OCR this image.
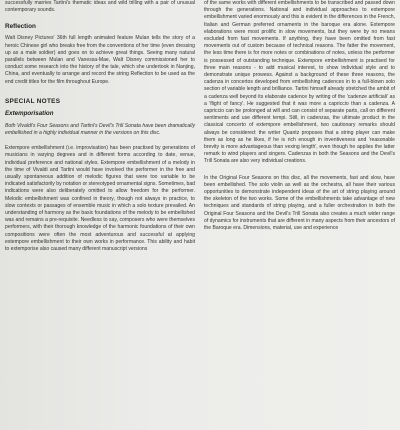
successfully marries Tartini's thematic ideas and wild trilling with a pair of unusual contemporary sounds.

Reflection

Walt Disney Pictures' 36th full length animated feature Mulan tells the story of a heroic Chinese girl who breaks free from the conventions of her time (even dressing up as a male soldier) and goes on to achieve great things. Seeing many natural parallels between Mulan and Vanessa-Mae, Walt Disney commissioned her to conduct some research into the history of the tale, which she undertook in Nanjing, China, and eventually to arrange and record the string Reflection to be used as the end credit titles for the film throughout Europe.

SPECIAL NOTES
Extemporisation

Both Vivaldi's Four Seasons and Tartini's Devil's Trill Sonata have been dramatically embellished in a highly individual manner in the versions on this disc.

Extempore embellishment (i.e. improvisation) has been practised by generations of musicians in varying degrees and in different forms according to date, venue, individual preference and national styles. Extempore embellishment of a melody in the time of Vivaldi and Tartini would have involved the performer in the free and usually spontaneous addition of melodic figures that were too variable to be indicated satisfactorily by notation or stereotyped ornamental signs. Sometimes, bad indications were also deliberately omitted to allow freedom for the performer. Melodic embellishment was confined in theory, though not always in practice, to slow contexts or passages of ensemble music in which a solo texture prevailed. An understanding of harmony as the basic foundations of the melody to be embellished was and remains a pre-requisite. Needless to say, composers who were themselves performers, with their thorough knowledge of the harmonic foundations of their own compositions were often the most adventurous and successful at applying extempore embellishment to their own works in performance. This ability and habit to extemporise also caused many different manuscript versions

of the same works with different embellishments to be transcribed and passed down through the generations. National and individual approaches to extempore embellishment varied enormously and this is evident in the differences in the French, Italian and German preferred ornaments in the baroque era alone. Extempore elaborations were most prolific in slow movements, but they were by no means excluded from fast movements. If anything, they have been omitted from fast movements out of custom because of technical reasons. The fatter the movement, the less time there is for more notes or combinations of notes, unless the performer is possessed of outstanding technique. Extempore embellishment is practised for three main reasons - to add musical interest, to show individual style and to demonstrate unique prowess. Against a background of these three reasons, the cadenza in concertos developed from embellishing cadences in to a full-blown solo section of variable length and brilliance. Tartini himself already stretched the ambit of a cadenza well beyond its elaborate cadence by writing of the 'cadenze artificiali' as a 'flight of fancy'. He suggested that it was more a capriccio than a cadenza. A capriccio can be prolonged at will and can consist of separate parts, call on different sentiments and use different tempi. Still, in cadenzas, the ultimate product in the classical concerto of extempore embellishment, two cautionary remarks should always be considered: the writer Quantz proposes that a string player can make them as long as he likes, if he is rich enough in inventiveness and 'reasonable brevity is more advantageous than vexing length', even though he applies the latter remark to wind players and singers. Cadenzas in both the Seasons and the Devil's Trill Sonata are also very individual creations.

In the Original Four Seasons on this disc, all the movements, fast and slow, have been embellished. The solo violin as well as the orchestra, all have their various opportunities to demonstrate independent ideas of the art of string playing around the skeleton of the two works. Some of the embellishments take advantage of new techniques and standards of string playing, and a fuller orchestration in both the Original Four Seasons and the Devil's Trill Sonata also creates a much wider range of dynamics for instruments that are different in many aspects from their ancestors of the Baroque era. Dimensions, material, use and experience
